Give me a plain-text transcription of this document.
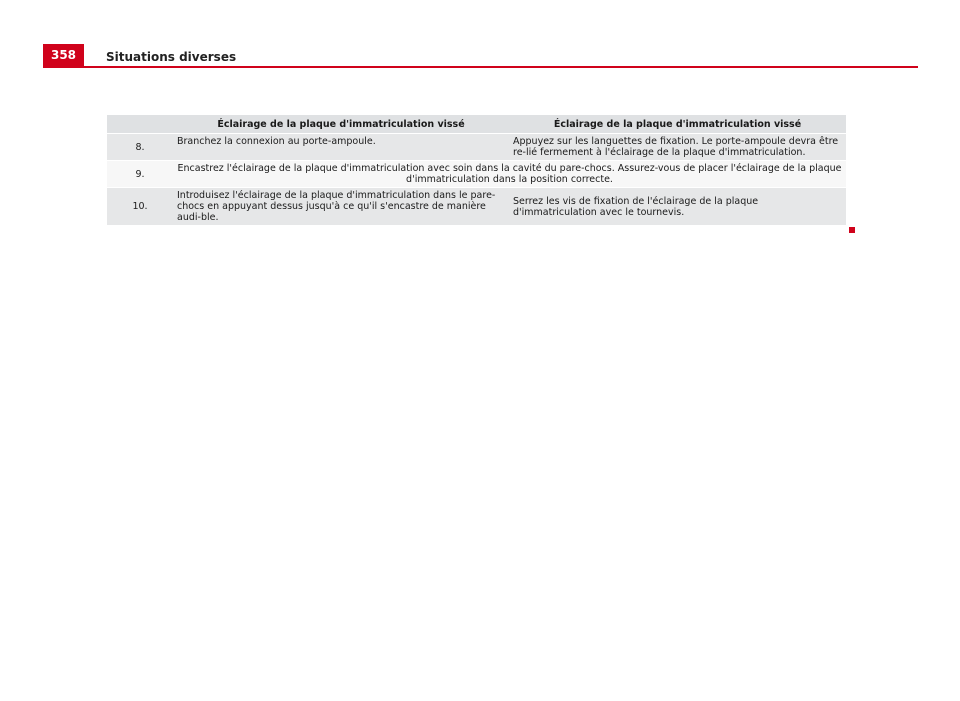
358	Situations diverses
	Éclairage de la plaque d'immatriculation vissé	Éclairage de la plaque d'immatriculation vissé
8.	Branchez la connexion au porte-ampoule.	Appuyez sur les languettes de fixation. Le porte-ampoule devra être re-lié fermement à l'éclairage de la plaque d'immatriculation.
9.	Encastrez l'éclairage de la plaque d'immatriculation avec soin dans la cavité du pare-chocs. Assurez-vous de placer l'éclairage de la plaque d'immatriculation dans la position correcte.	
10.	Introduisez l'éclairage de la plaque d'immatriculation dans le pare-chocs en appuyant dessus jusqu'à ce qu'il s'encastre de manière audi-ble.	Serrez les vis de fixation de l'éclairage de la plaque d'immatriculation avec le tournevis.
